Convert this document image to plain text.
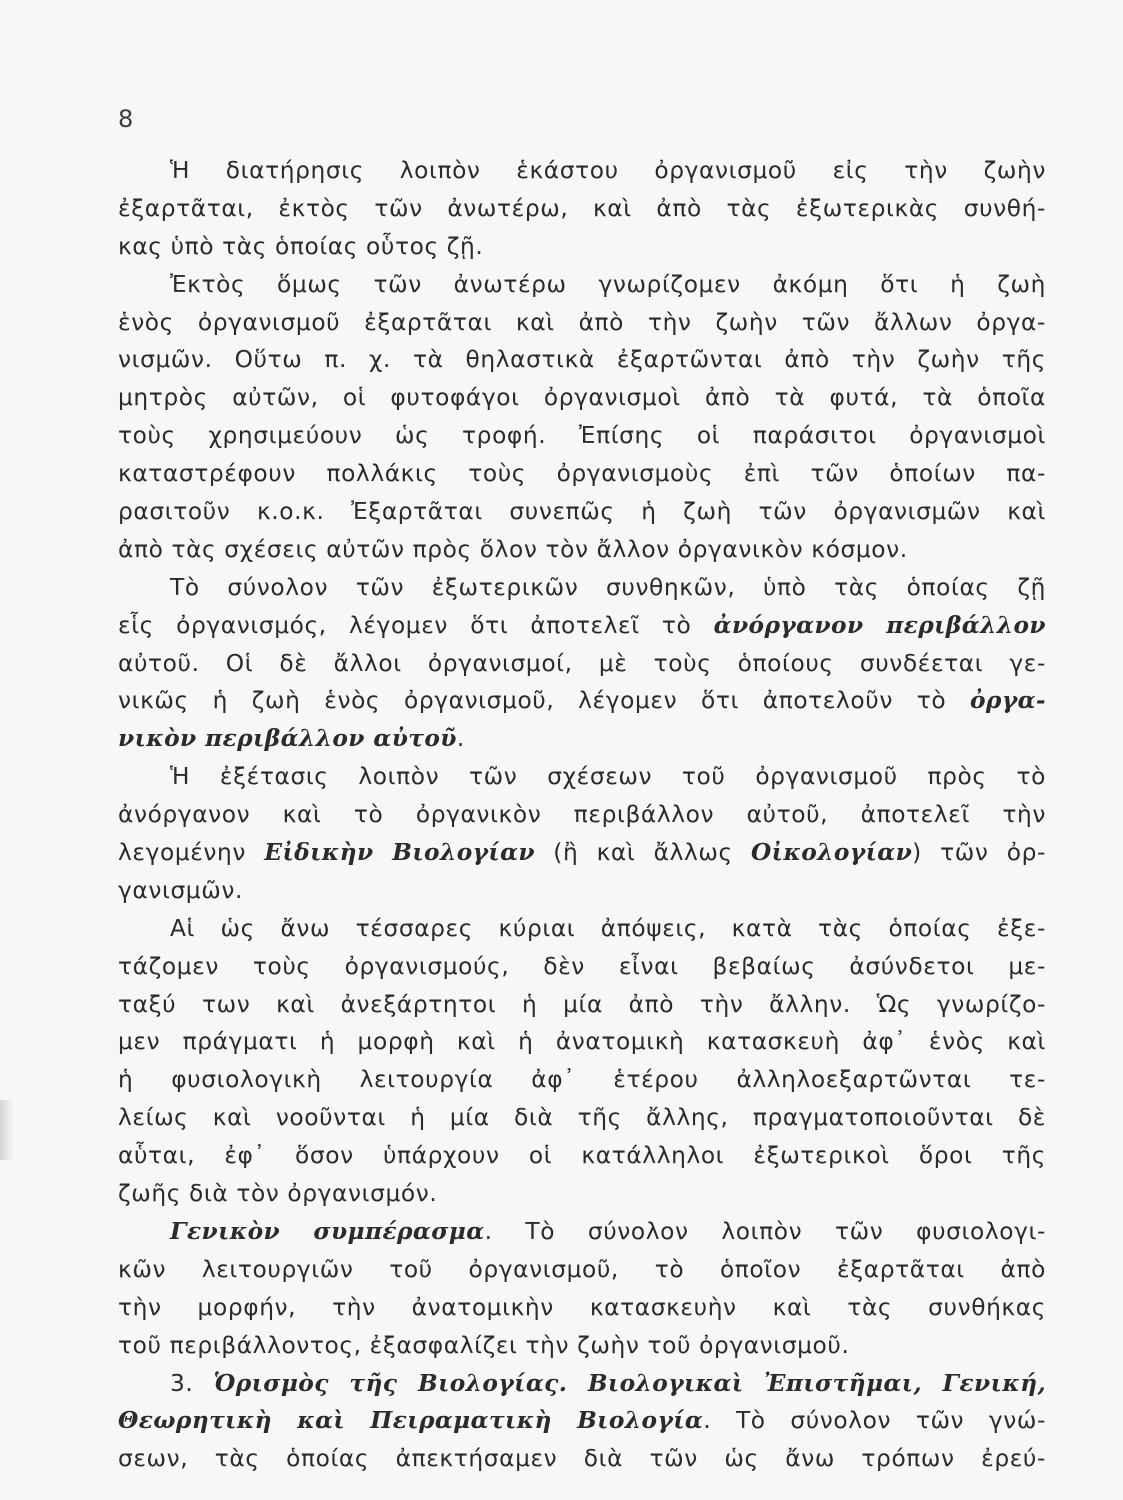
8
Ἡ διατήρησις λοιπὸν ἑκάστου ὀργανισμοῦ εἰς τὴν ζωὴν
ἐξαρτᾶται, ἐκτὸς τῶν ἀνωτέρω, καὶ ἀπὸ τὰς ἐξωτερικὰς συνθή-
κας ὑπὸ τὰς ὁποίας οὗτος ζῇ.
Ἐκτὸς ὅμως τῶν ἀνωτέρω γνωρίζομεν ἀκόμη ὅτι ἡ ζωὴ
ἑνὸς ὀργανισμοῦ ἐξαρτᾶται καὶ ἀπὸ τὴν ζωὴν τῶν ἄλλων ὀργα-
νισμῶν. Οὕτω π. χ. τὰ θηλαστικὰ ἐξαρτῶνται ἀπὸ τὴν ζωὴν τῆς
μητρὸς αὐτῶν, οἱ φυτοφάγοι ὀργανισμοὶ ἀπὸ τὰ φυτά, τὰ ὁποῖα
τοὺς χρησιμεύουν ὡς τροφή. Ἐπίσης οἱ παράσιτοι ὀργανισμοὶ
καταστρέφουν πολλάκις τοὺς ὀργανισμοὺς ἐπὶ τῶν ὁποίων πα-
ρασιτοῦν κ.ο.κ. Ἐξαρτᾶται συνεπῶς ἡ ζωὴ τῶν ὀργανισμῶν καὶ
ἀπὸ τὰς σχέσεις αὐτῶν πρὸς ὅλον τὸν ἄλλον ὀργανικὸν κόσμον.
Τὸ σύνολον τῶν ἐξωτερικῶν συνθηκῶν, ὑπὸ τὰς ὁποίας ζῇ
εἷς ὀργανισμός, λέγομεν ὅτι ἀποτελεῖ τὸ ἀνόργανον περιβάλλον
αὐτοῦ. Οἱ δὲ ἄλλοι ὀργανισμοί, μὲ τοὺς ὁποίους συνδέεται γε-
νικῶς ἡ ζωὴ ἑνὸς ὀργανισμοῦ, λέγομεν ὅτι ἀποτελοῦν τὸ ὀργα-
νικὸν περιβάλλον αὐτοῦ.
Ἡ ἐξέτασις λοιπὸν τῶν σχέσεων τοῦ ὀργανισμοῦ πρὸς τὸ
ἀνόργανον καὶ τὸ ὀργανικὸν περιβάλλον αὐτοῦ, ἀποτελεῖ τὴν
λεγομένην Εἰδικὴν Βιολογίαν (ἢ καὶ ἄλλως Οἰκολογίαν) τῶν ὀρ-
γανισμῶν.
Αἱ ὡς ἄνω τέσσαρες κύριαι ἀπόψεις, κατὰ τὰς ὁποίας ἐξε-
τάζομεν τοὺς ὀργανισμούς, δὲν εἶναι βεβαίως ἀσύνδετοι με-
ταξύ των καὶ ἀνεξάρτητοι ἡ μία ἀπὸ τὴν ἄλλην. Ὡς γνωρίζο-
μεν πράγματι ἡ μορφὴ καὶ ἡ ἀνατομικὴ κατασκευὴ ἀφ᾿ ἑνὸς καὶ
ἡ φυσιολογικὴ λειτουργία ἀφ᾿ ἑτέρου ἀλληλοεξαρτῶνται τε-
λείως καὶ νοοῦνται ἡ μία διὰ τῆς ἄλλης, πραγματοποιοῦνται δὲ
αὗται, ἐφ᾿ ὅσον ὑπάρχουν οἱ κατάλληλοι ἐξωτερικοὶ ὅροι τῆς
ζωῆς διὰ τὸν ὀργανισμόν.
Γενικὸν συμπέρασμα. Τὸ σύνολον λοιπὸν τῶν φυσιολογι-
κῶν λειτουργιῶν τοῦ ὀργανισμοῦ, τὸ ὁποῖον ἐξαρτᾶται ἀπὸ
τὴν μορφήν, τὴν ἀνατομικὴν κατασκευὴν καὶ τὰς συνθήκας
τοῦ περιβάλλοντος, ἐξασφαλίζει τὴν ζωὴν τοῦ ὀργανισμοῦ.
3. Ὁρισμὸς τῆς Βιολογίας. Βιολογικαὶ Ἐπιστῆμαι, Γενική,
Θεωρητικὴ καὶ Πειραματικὴ Βιολογία. Τὸ σύνολον τῶν γνώ-
σεων, τὰς ὁποίας ἀπεκτήσαμεν διὰ τῶν ὡς ἄνω τρόπων ἐρεύ-
